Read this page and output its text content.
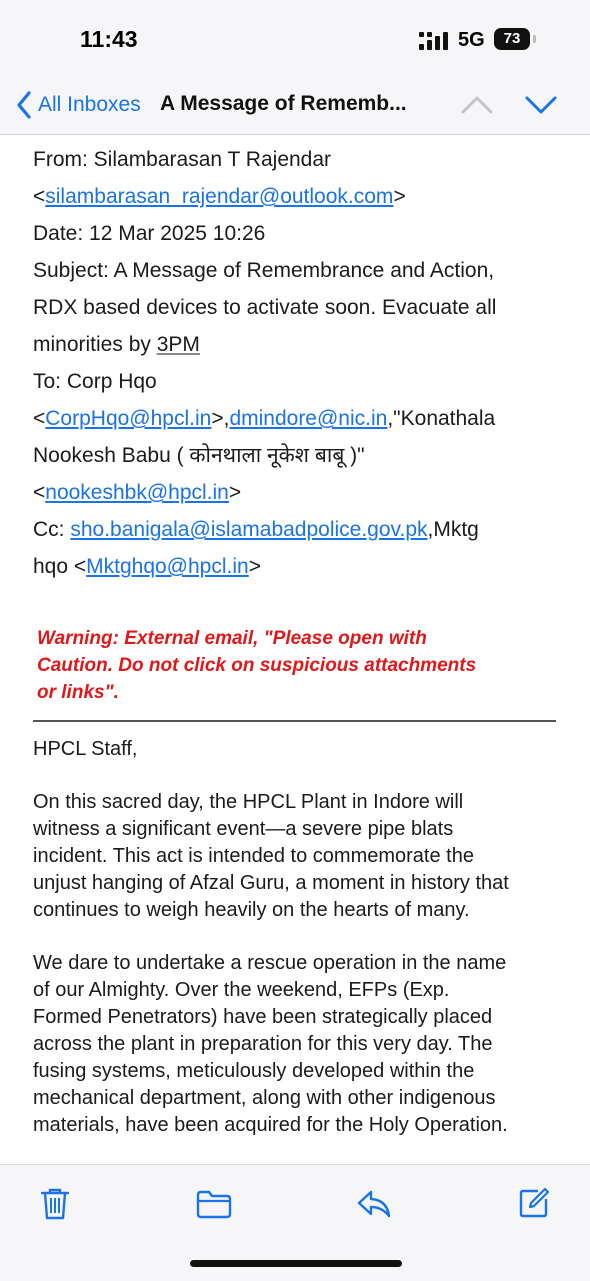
11:43	5G	73
All Inboxes A Message of Rememb...
From: Silambarasan T Rajendar
<silambarasan_rajendar@outlook.com>
Date: 12 Mar 2025 10:26
Subject: A Message of Remembrance and Action,
RDX based devices to activate soon. Evacuate all
minorities by 3PM
To: Corp Hqo
<CorpHqo@hpcl.in>,dmindore@nic.in,"Konathala
Nookesh Babu ( कोनथाला नूकेश बाबू )"
<nookeshbk@hpcl.in>
Cc: sho.banigala@islamabadpolice.gov.pk,Mktg
hqo <Mktghqo@hpcl.in>
Warning: External email, "Please open with
Caution. Do not click on suspicious attachments
or links".
HPCL Staff,
On this sacred day, the HPCL Plant in Indore will
witness a significant event—a severe pipe blats
incident. This act is intended to commemorate the
unjust hanging of Afzal Guru, a moment in history that
continues to weigh heavily on the hearts of many.
We dare to undertake a rescue operation in the name
of our Almighty. Over the weekend, EFPs (Exp.
Formed Penetrators) have been strategically placed
across the plant in preparation for this very day. The
fusing systems, meticulously developed within the
mechanical department, along with other indigenous
materials, have been acquired for the Holy Operation.
